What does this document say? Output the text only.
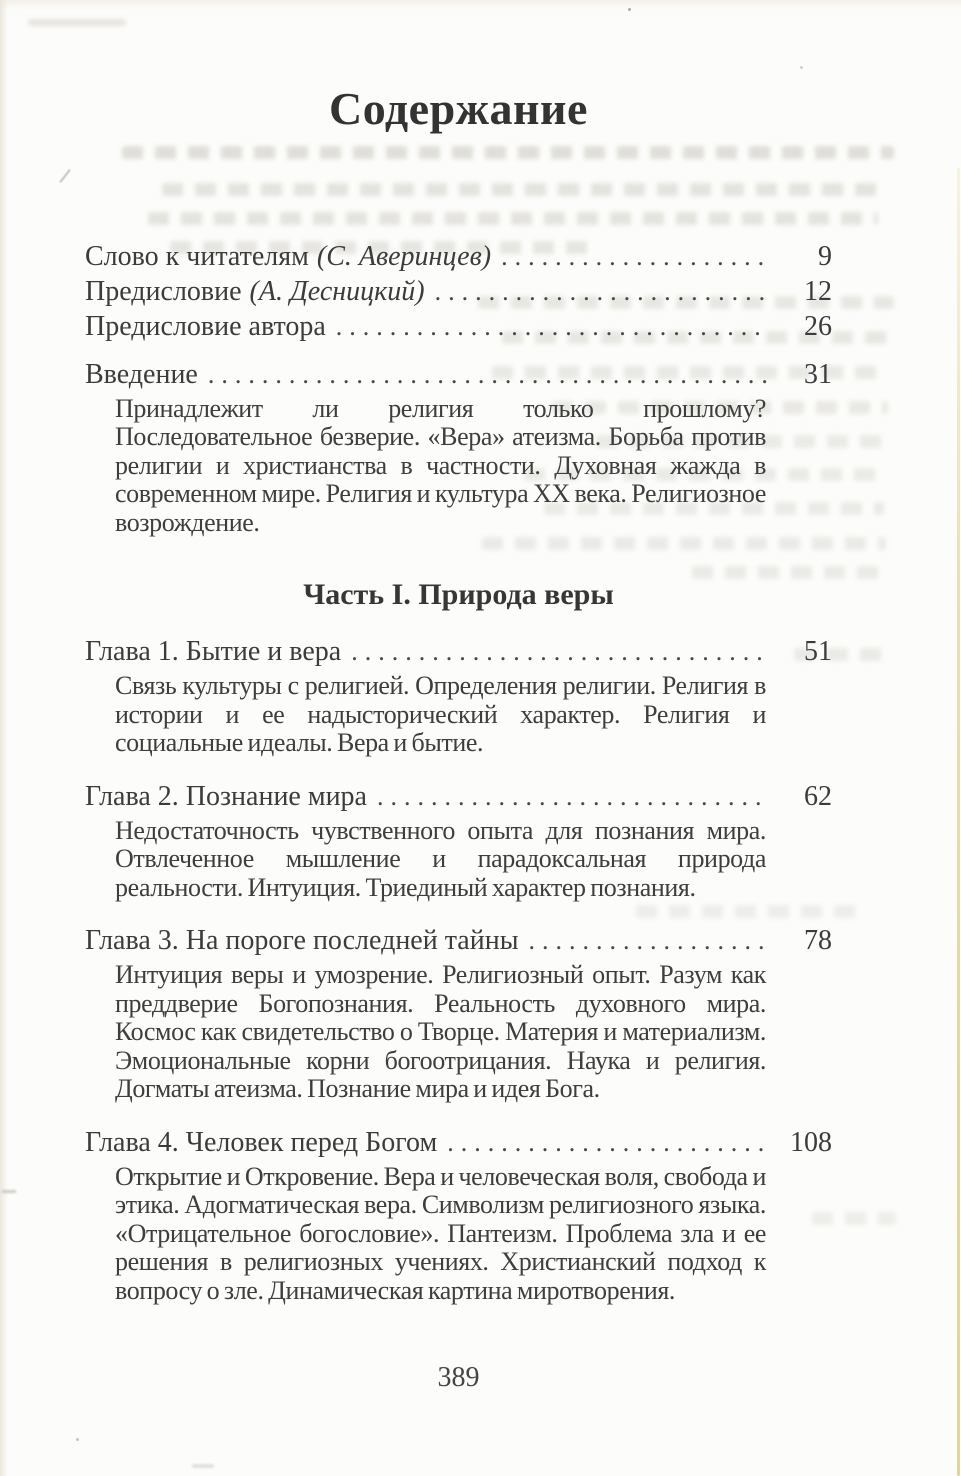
Содержание
Слово к читателям (С. Аверинцев) .....	9
Предисловие (А. Десницкий) .....	12
Предисловие автора .....	26
Введение .....	31

Принадлежит ли религия только прошлому? Последовательное безверие. «Вера» атеизма. Борьба против религии и христианства в частности. Духовная жажда в современном мире. Религия и культура XX века. Религиозное возрождение.

Часть I. Природа веры
Глава 1. Бытие и вера .....	51

Связь культуры с религией. Определения религии. Религия в истории и ее надысторический характер. Религия и социальные идеалы. Вера и бытие.

Глава 2. Познание мира .....	62

Недостаточность чувственного опыта для познания мира. Отвлеченное мышление и парадоксальная природа реальности. Интуиция. Триединый характер познания.

Глава 3. На пороге последней тайны .....	78

Интуиция веры и умозрение. Религиозный опыт. Разум как преддверие Богопознания. Реальность духовного мира. Космос как свидетельство о Творце. Материя и материализм. Эмоциональные корни богоотрицания. Наука и религия. Догматы атеизма. Познание мира и идея Бога.

Глава 4. Человек перед Богом .....	108

Открытие и Откровение. Вера и человеческая воля, свобода и этика. Адогматическая вера. Символизм религиозного языка. «Отрицательное богословие». Пантеизм. Проблема зла и ее решения в религиозных учениях. Христианский подход к вопросу о зле. Динамическая картина миротворения.

389
